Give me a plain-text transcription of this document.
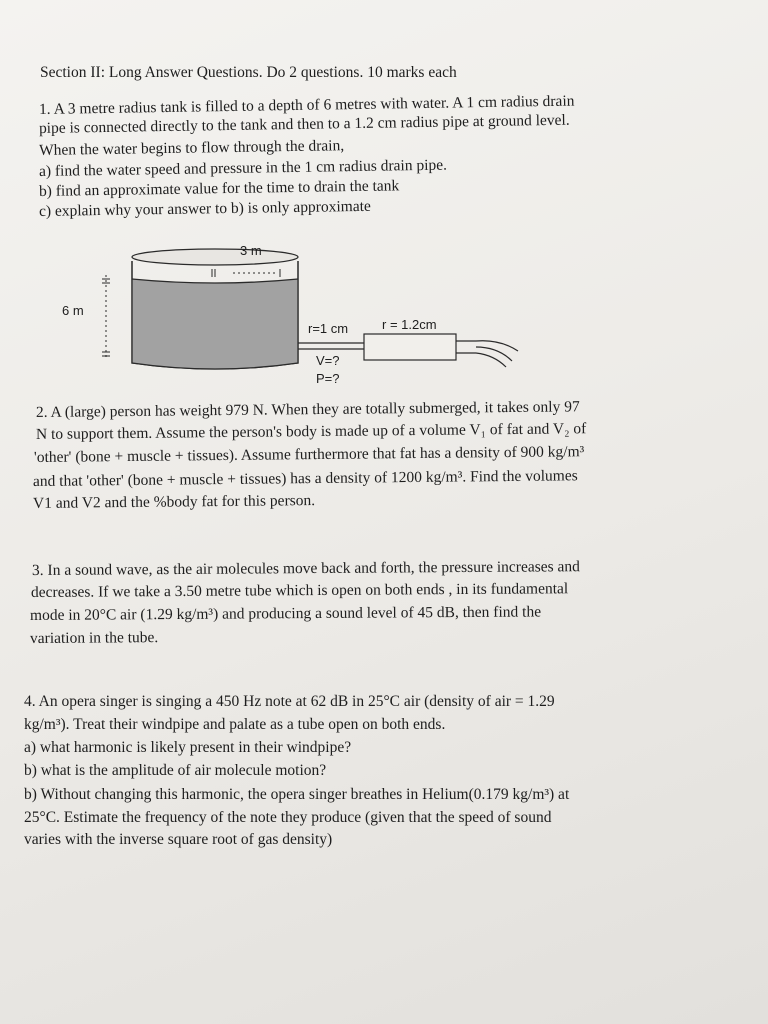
Section II: Long Answer Questions. Do 2 questions. 10 marks each
1. A 3 metre radius tank is filled to a depth of 6 metres with water. A 1 cm radius drain
pipe is connected directly to the tank and then to a 1.2 cm radius pipe at ground level.
When the water begins to flow through the drain,
a) find the water speed and pressure in the 1 cm radius drain pipe.
b) find an approximate value for the time to drain the tank
c) explain why your answer to b) is only approximate
3 m
6 m
r=1 cm	r = 1.2cm
V=?
P=?
2. A (large) person has weight 979 N. When they are totally submerged, it takes only 97
N to support them. Assume the person's body is made up of a volume V₁ of fat and V₂ of
'other' (bone + muscle + tissues). Assume furthermore that fat has a density of 900 kg/m³
and that 'other' (bone + muscle + tissues) has a density of 1200 kg/m³. Find the volumes
V1 and V2 and the %body fat for this person.
3. In a sound wave, as the air molecules move back and forth, the pressure increases and
decreases. If we take a 3.50 metre tube which is open on both ends , in its fundamental
mode in 20°C air (1.29 kg/m³) and producing a sound level of 45 dB, then find the
variation in the tube.
4. An opera singer is singing a 450 Hz note at 62 dB in 25°C air (density of air = 1.29
kg/m³). Treat their windpipe and palate as a tube open on both ends.
a) what harmonic is likely present in their windpipe?
b) what is the amplitude of air molecule motion?
b) Without changing this harmonic, the opera singer breathes in Helium(0.179 kg/m³) at
25°C. Estimate the frequency of the note they produce (given that the speed of sound
varies with the inverse square root of gas density)
